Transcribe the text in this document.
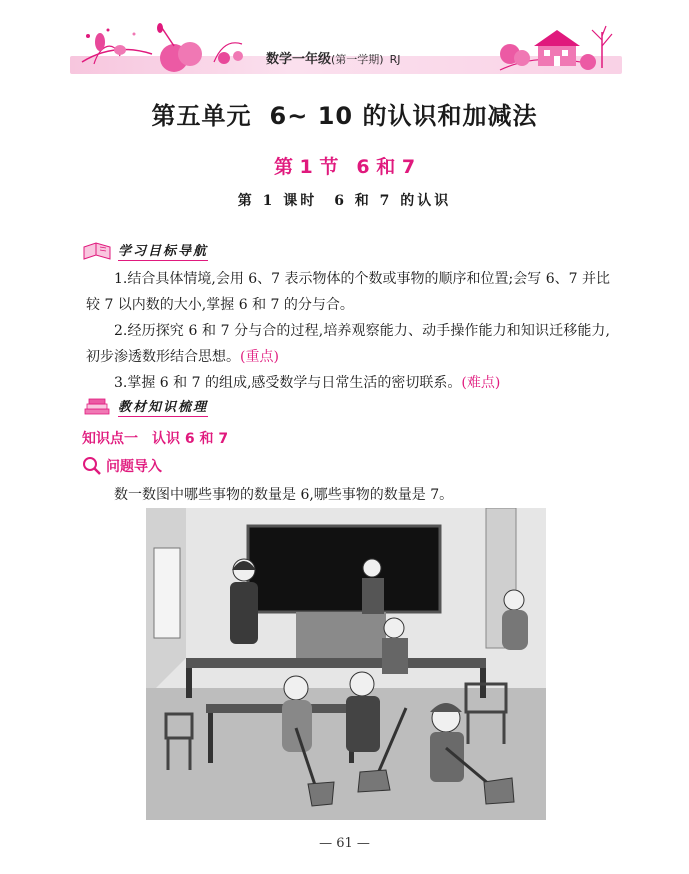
数学一年级(第一学期) RJ
第五单元 6~ 10 的认识和加减法
第 1 节 6 和 7
第 1 课时　6 和 7 的认识
学习目标导航

1.结合具体情境,会用 6、7 表示物体的个数或事物的顺序和位置;会写 6、7 并比较 7 以内数的大小,掌握 6 和 7 的分与合。

2.经历探究 6 和 7 分与合的过程,培养观察能力、动手操作能力和知识迁移能力,初步渗透数形结合思想。(重点)

3.掌握 6 和 7 的组成,感受数学与日常生活的密切联系。(难点)

教材知识梳理
知识点一 认识 6 和 7
问题导入
数一数图中哪些事物的数量是 6,哪些事物的数量是 7。
— 61 —
